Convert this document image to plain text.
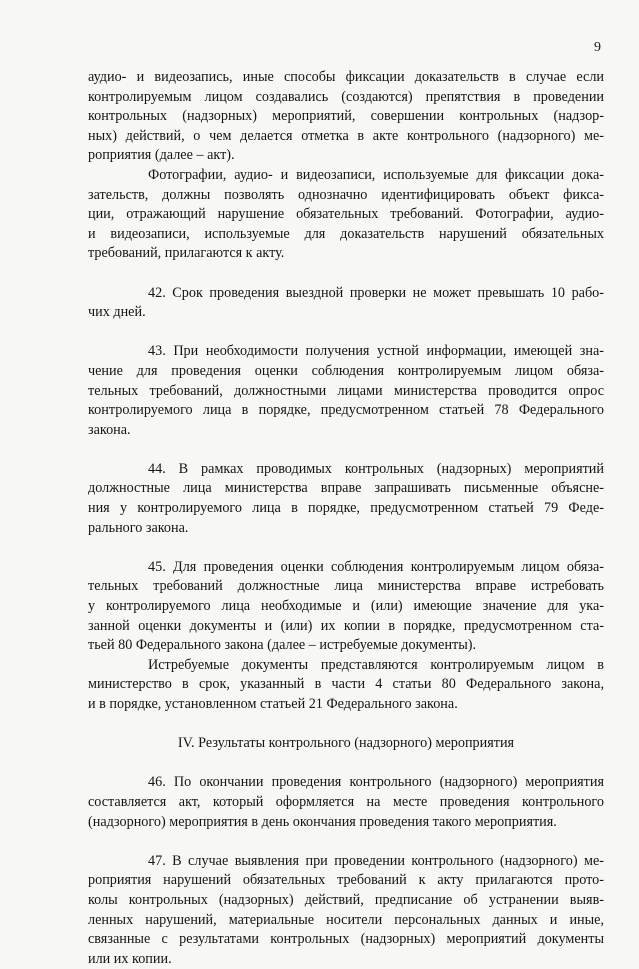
9
аудио- и видеозапись, иные способы фиксации доказательств в случае если
контролируемым лицом создавались (создаются) препятствия в проведении
контрольных (надзорных) мероприятий, совершении контрольных (надзор-
ных) действий, о чем делается отметка в акте контрольного (надзорного) ме-
роприятия (далее – акт).
Фотографии, аудио- и видеозаписи, используемые для фиксации дока-
зательств, должны позволять однозначно идентифицировать объект фикса-
ции, отражающий нарушение обязательных требований. Фотографии, аудио-
и видеозаписи, используемые для доказательств нарушений обязательных
требований, прилагаются к акту.
42. Срок проведения выездной проверки не может превышать 10 рабо-
чих дней.
43. При необходимости получения устной информации, имеющей зна-
чение для проведения оценки соблюдения контролируемым лицом обяза-
тельных требований, должностными лицами министерства проводится опрос
контролируемого лица в порядке, предусмотренном статьей 78 Федерального
закона.
44. В рамках проводимых контрольных (надзорных) мероприятий
должностные лица министерства вправе запрашивать письменные объясне-
ния у контролируемого лица в порядке, предусмотренном статьей 79 Феде-
рального закона.
45. Для проведения оценки соблюдения контролируемым лицом обяза-
тельных требований должностные лица министерства вправе истребовать
у контролируемого лица необходимые и (или) имеющие значение для ука-
занной оценки документы и (или) их копии в порядке, предусмотренном ста-
тьей 80 Федерального закона (далее – истребуемые документы).
Истребуемые документы представляются контролируемым лицом в
министерство в срок, указанный в части 4 статьи 80 Федерального закона,
и в порядке, установленном статьей 21 Федерального закона.
IV. Результаты контрольного (надзорного) мероприятия
46. По окончании проведения контрольного (надзорного) мероприятия
составляется акт, который оформляется на месте проведения контрольного
(надзорного) мероприятия в день окончания проведения такого мероприятия.
47. В случае выявления при проведении контрольного (надзорного) ме-
роприятия нарушений обязательных требований к акту прилагаются прото-
колы контрольных (надзорных) действий, предписание об устранении выяв-
ленных нарушений, материальные носители персональных данных и иные,
связанные с результатами контрольных (надзорных) мероприятий документы
или их копии.
